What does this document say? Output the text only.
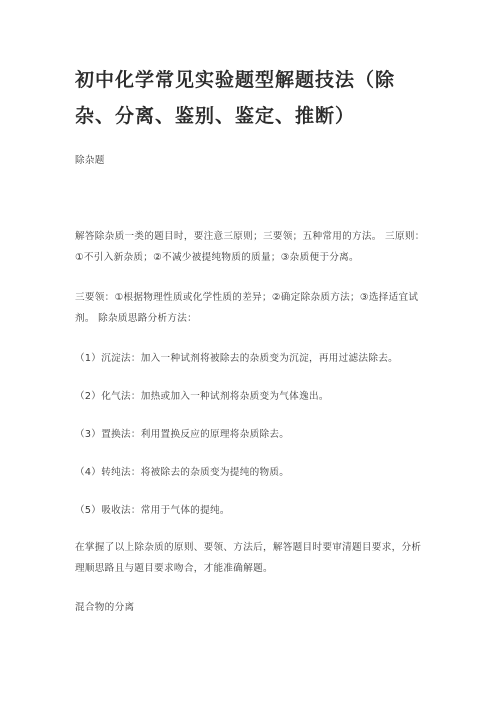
初中化学常见实验题型解题技法（除杂、分离、鉴别、鉴定、推断）

除杂题

解答除杂质一类的题目时，要注意三原则；三要领；五种常用的方法。 三原则：①不引入新杂质；②不减少被提纯物质的质量；③杂质便于分离。

三要领：①根据物理性质或化学性质的差异；②确定除杂质方法；③选择适宜试剂。 除杂质思路分析方法：

（1）沉淀法：加入一种试剂将被除去的杂质变为沉淀，再用过滤法除去。

（2）化气法：加热或加入一种试剂将杂质变为气体逸出。

（3）置换法：利用置换反应的原理将杂质除去。

（4）转纯法：将被除去的杂质变为提纯的物质。

（5）吸收法：常用于气体的提纯。

在掌握了以上除杂质的原则、要领、方法后，解答题目时要审清题目要求，分析理顺思路且与题目要求吻合，才能准确解题。

混合物的分离
